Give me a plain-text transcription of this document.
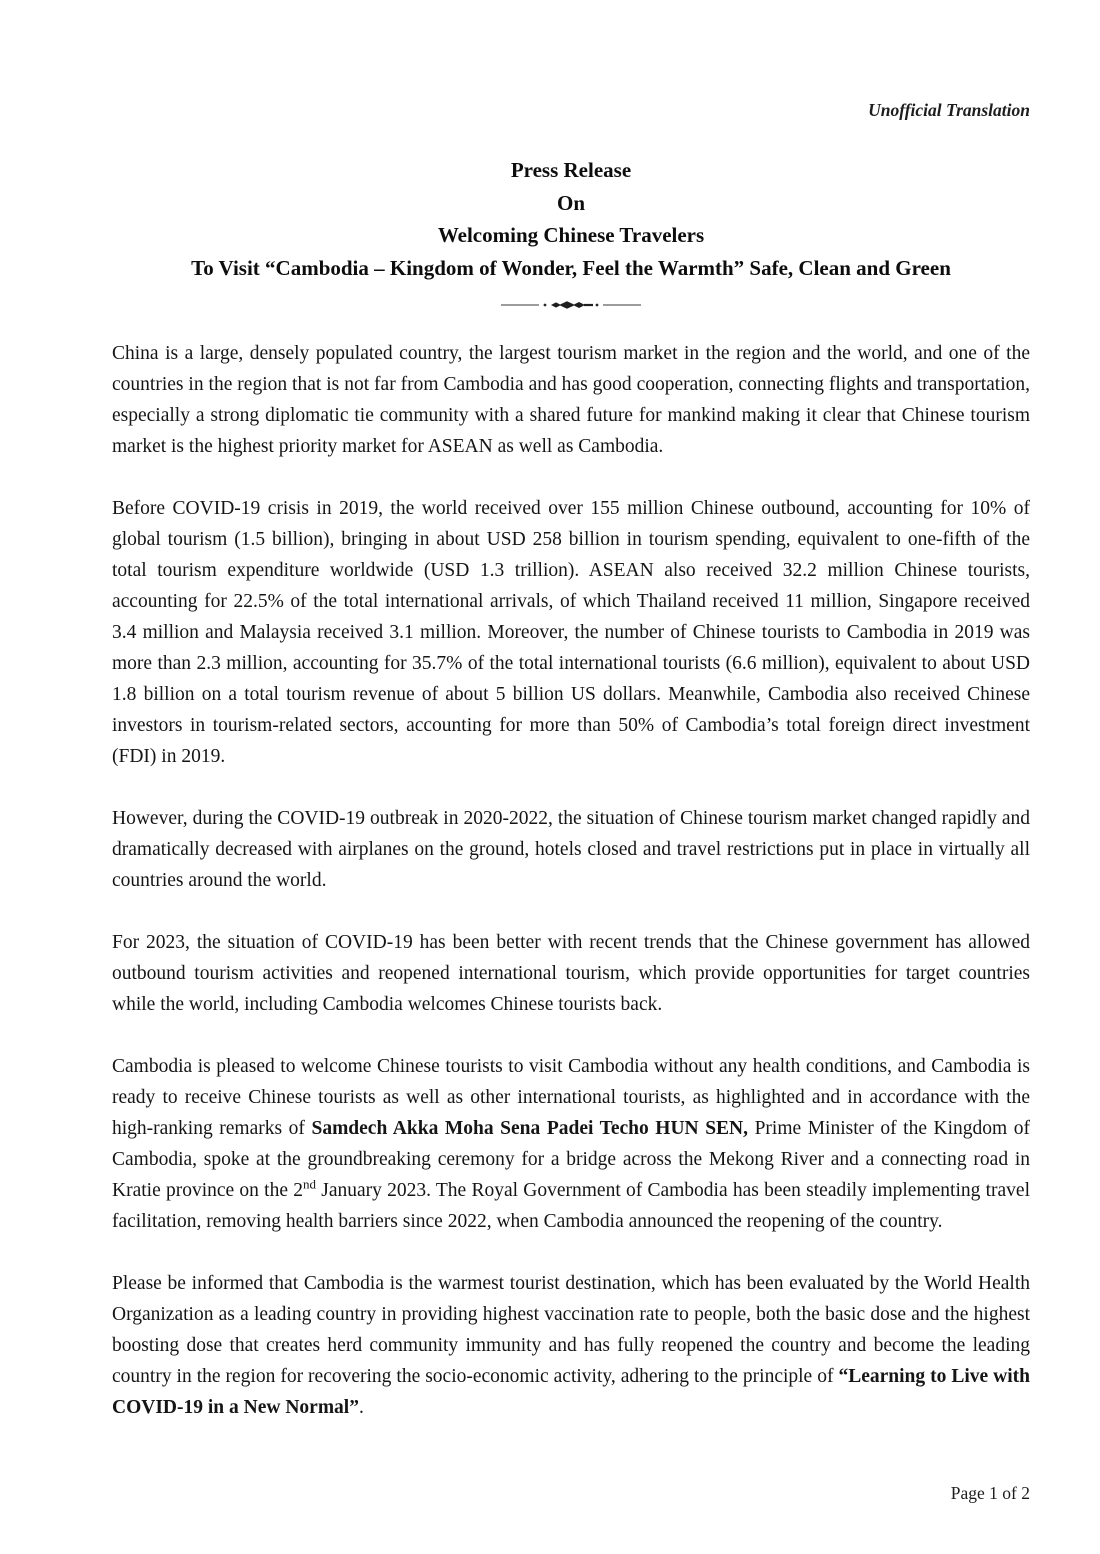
Unofficial Translation
Press Release
On
Welcoming Chinese Travelers
To Visit “Cambodia – Kingdom of Wonder, Feel the Warmth” Safe, Clean and Green

China is a large, densely populated country, the largest tourism market in the region and the world, and one of the countries in the region that is not far from Cambodia and has good cooperation, connecting flights and transportation, especially a strong diplomatic tie community with a shared future for mankind making it clear that Chinese tourism market is the highest priority market for ASEAN as well as Cambodia.

Before COVID-19 crisis in 2019, the world received over 155 million Chinese outbound, accounting for 10% of global tourism (1.5 billion), bringing in about USD 258 billion in tourism spending, equivalent to one-fifth of the total tourism expenditure worldwide (USD 1.3 trillion). ASEAN also received 32.2 million Chinese tourists, accounting for 22.5% of the total international arrivals, of which Thailand received 11 million, Singapore received 3.4 million and Malaysia received 3.1 million. Moreover, the number of Chinese tourists to Cambodia in 2019 was more than 2.3 million, accounting for 35.7% of the total international tourists (6.6 million), equivalent to about USD 1.8 billion on a total tourism revenue of about 5 billion US dollars. Meanwhile, Cambodia also received Chinese investors in tourism-related sectors, accounting for more than 50% of Cambodia’s total foreign direct investment (FDI) in 2019.

However, during the COVID-19 outbreak in 2020-2022, the situation of Chinese tourism market changed rapidly and dramatically decreased with airplanes on the ground, hotels closed and travel restrictions put in place in virtually all countries around the world.

For 2023, the situation of COVID-19 has been better with recent trends that the Chinese government has allowed outbound tourism activities and reopened international tourism, which provide opportunities for target countries while the world, including Cambodia welcomes Chinese tourists back.

Cambodia is pleased to welcome Chinese tourists to visit Cambodia without any health conditions, and Cambodia is ready to receive Chinese tourists as well as other international tourists, as highlighted and in accordance with the high-ranking remarks of Samdech Akka Moha Sena Padei Techo HUN SEN, Prime Minister of the Kingdom of Cambodia, spoke at the groundbreaking ceremony for a bridge across the Mekong River and a connecting road in Kratie province on the 2nd January 2023. The Royal Government of Cambodia has been steadily implementing travel facilitation, removing health barriers since 2022, when Cambodia announced the reopening of the country.

Please be informed that Cambodia is the warmest tourist destination, which has been evaluated by the World Health Organization as a leading country in providing highest vaccination rate to people, both the basic dose and the highest boosting dose that creates herd community immunity and has fully reopened the country and become the leading country in the region for recovering the socio-economic activity, adhering to the principle of “Learning to Live with COVID-19 in a New Normal”.

Page 1 of 2
